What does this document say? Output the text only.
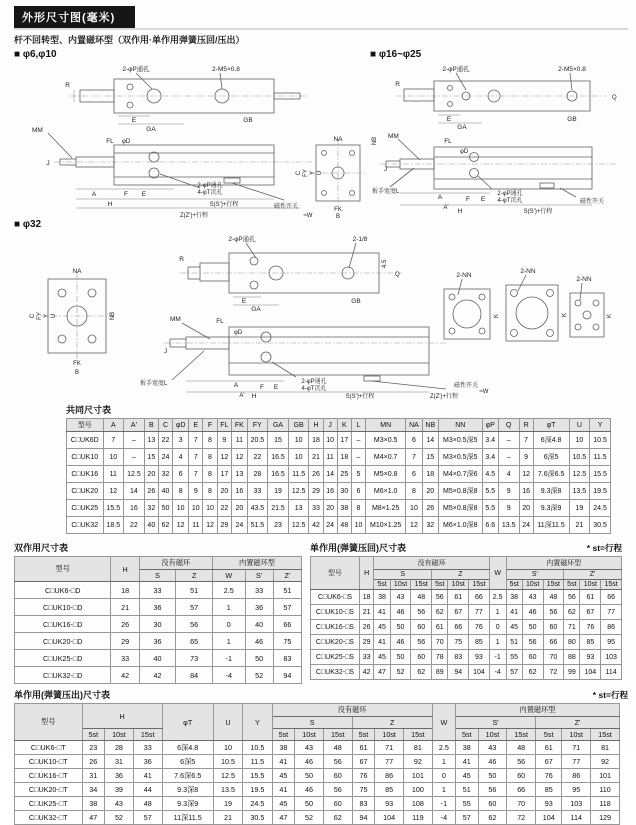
外形尺寸图(毫米)
杆不回转型、内置磁环型（双作用·单作用弹簧压回/压出）
■ φ6,φ10
2-φP通孔	2-M5×0.8
R
E
GA
GB
MM
FL φD
J
A	F E
H
2-φP通孔
4-φT沉孔
S(S')+行程
Z(Z')+行程	≈W
磁性开关
NA
C FY Y U
FK
B
■ φ16~φ25
2-φP通孔	2-M5×0.8
R
Q
NB
E
GA
GB
MM
FL
φD
J
扳手宽度L
A
A'
F E
H	S(S')+行程
2-φP通孔
4-φT沉孔	磁性开关
■ φ32
NA
C FY Y U	NB
FK
B
2-φP通孔	2-1/8
R
4.5
Q
E
GA
GB
MM	FL
φD
J
扳手宽度L	A
A'
F E
H
2-φP通孔
4-φT沉孔
S(S')+行程	Z(Z')+行程
≈W
磁性开关
2-NN
2-NN
2-NN
K	K	K
共同尺寸表
型号	A	A'	B	C	φD	E	F	FL	FK	FY	GA	GB	H	J	K	L	MN	NA	NB	NN	φP	Q	R	φT	U	Y
C□UK6D	7	–	13	22	3	7	8	9	11	20.5	15	10	18	10	17	–	M3×0.5	6	14	M3×0.5深5	3.4	–	7	6深4.8	10	10.5
C□UK10	10	–	15	24	4	7	8	12	12	22	16.5	10	21	11	18	–	M4×0.7	7	15	M3×0.5深5	3.4	–	9	6深5	10.5	11.5
C□UK16	11	12.5	20	32	6	7	8	17	13	28	16.5	11.5	26	14	25	5	M5×0.8	6	18	M4×0.7深6	4.5	4	12	7.6深6.5	12.5	15.5
C□UK20	12	14	26	40	8	9	8	20	16	33	19	12.5	29	16	30	6	M6×1.0	8	20	M5×0.8深8	5.5	9	16	9.3深8	13.5	19.5
C□UK25	15.5	16	32	50	10	10	10	22	20	43.5	21.5	13	33	20	38	8	M8×1.25	10	26	M5×0.8深8	5.5	9	20	9.3深9	19	24.5
C□UK32	18.5	22	40	62	12	11	12	29	24	51.5	23	12.5	42	24	48	10	M10×1.25	12	32	M6×1.0深8	6.6	13.5	24	11深11.5	21	30.5
双作用尺寸表
型号	H	没有磁环		内置磁环型		
		S	Z	W	S'	Z'
C□UK6-□D	18	33	51	2.5	33	51
C□UK10-□D	21	36	57	1	36	57
C□UK16-□D	26	30	56	0	40	66
C□UK20-□D	29	36	65	1	46	75
C□UK25-□D	33	40	73	-1	50	83
C□UK32-□D	42	42	84	-4	52	94
单作用(弹簧压回)尺寸表	* st=行程
型号	H	没有磁环						W	内置磁环型					
		S			Z				S'			Z'		
		5st	10st	15st	5st	10st	15st		5st	10st	15st	5st	10st	15st
C□UK6-□S	18	38	43	48	56	61	66	2.5	38	43	48	56	61	66
C□UK10-□S	21	41	46	56	62	67	77	1	41	46	56	62	67	77
C□UK16-□S	26	45	50	60	61	66	76	0	45	50	60	71	76	86
C□UK20-□S	29	41	46	56	70	75	85	1	51	56	66	80	85	95
C□UK25-□S	33	45	50	60	78	83	93	-1	55	60	70	88	93	103
C□UK32-□S	42	47	52	62	89	94	104	-4	57	62	72	99	104	114
单作用(弹簧压出)尺寸表	* st=行程
型号	H			φT	U	Y	没有磁环						W	内置磁环型					
							S			Z				S'			Z'		
	5st	10st	15st				5st	10st	15st	5st	10st	15st		5st	10st	15st	5st	10st	15st
C□UK6-□T	23	28	33	6深4.8	10	10.5	38	43	48	61	71	81	2.5	38	43	48	61	71	81
C□UK10-□T	26	31	36	6深5	10.5	11.5	41	46	56	67	77	92	1	41	46	56	67	77	92
C□UK16-□T	31	36	41	7.6深6.5	12.5	15.5	45	50	60	76	86	101	0	45	50	60	76	86	101
C□UK20-□T	34	39	44	9.3深8	13.5	19.5	41	46	56	75	85	100	1	51	56	66	85	95	110
C□UK25-□T	38	43	48	9.3深9	19	24.5	45	50	60	83	93	108	-1	55	60	70	93	103	118
C□UK32-□T	47	52	57	11深11.5	21	30.5	47	52	62	94	104	119	-4	57	62	72	104	114	129
